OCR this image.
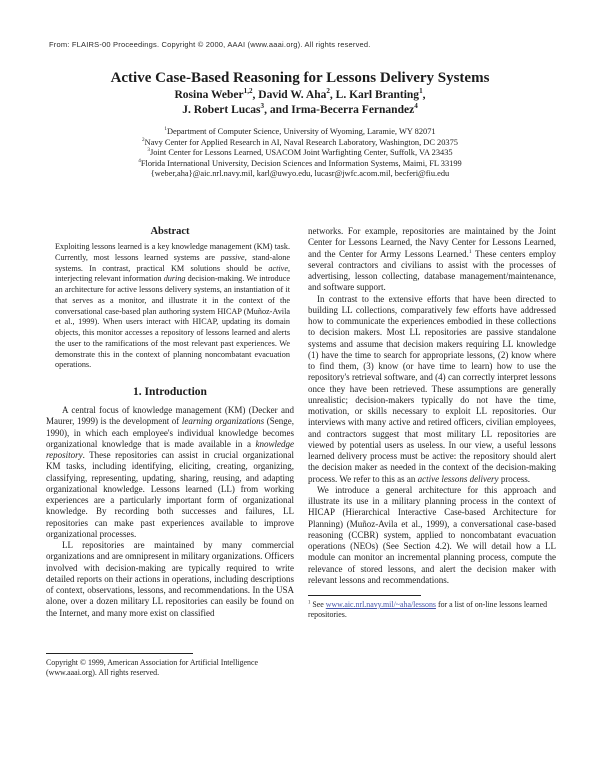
From: FLAIRS-00 Proceedings. Copyright © 2000, AAAI (www.aaai.org). All rights reserved.
Active Case-Based Reasoning for Lessons Delivery Systems
Rosina Weber$^{1,2}$, David W. Aha$^2$, L. Karl Branting$^1$,
J. Robert Lucas$^3$, and Irma-Becerra Fernandez$^4$
$^1$Department of Computer Science, University of Wyoming, Laramie, WY 82071
$^2$Navy Center for Applied Research in AI, Naval Research Laboratory, Washington, DC 20375
$^3$Joint Center for Lessons Learned, USACOM Joint Warfighting Center, Suffolk, VA 23435
$^4$Florida International University, Decision Sciences and Information Systems, Maimi, FL 33199
{weber,aha}@aic.nrl.navy.mil, karl@uwyo.edu, lucasr@jwfc.acom.mil, becferi@fiu.edu
Abstract
Exploiting lessons learned is a key knowledge management (KM) task. Currently, most lessons learned systems are passive, stand-alone systems. In contrast, practical KM solutions should be active, interjecting relevant information during decision-making. We introduce an architecture for active lessons delivery systems, an instantiation of it that serves as a monitor, and illustrate it in the context of the conversational case-based plan authoring system HICAP (Muñoz-Avila et al., 1999). When users interact with HICAP, updating its domain objects, this monitor accesses a repository of lessons learned and alerts the user to the ramifications of the most relevant past experiences. We demonstrate this in the context of planning noncombatant evacuation operations.
1. Introduction

A central focus of knowledge management (KM) (Decker and Maurer, 1999) is the development of learning organizations (Senge, 1990), in which each employee's individual knowledge becomes organizational knowledge that is made available in a knowledge repository. These repositories can assist in crucial organizational KM tasks, including identifying, eliciting, creating, organizing, classifying, representing, updating, sharing, reusing, and adapting organizational knowledge. Lessons learned (LL) from working experiences are a particularly important form of organizational knowledge. By recording both successes and failures, LL repositories can make past experiences available to improve organizational processes.

LL repositories are maintained by many commercial organizations and are omnipresent in military organizations. Officers involved with decision-making are typically required to write detailed reports on their actions in operations, including descriptions of context, observations, lessons, and recommendations. In the USA alone, over a dozen military LL repositories can easily be found on the Internet, and many more exist on classified

Copyright © 1999, American Association for Artificial Intelligence (www.aaai.org). All rights reserved.

networks. For example, repositories are maintained by the Joint Center for Lessons Learned, the Navy Center for Lessons Learned, and the Center for Army Lessons Learned.$^1$ These centers employ several contractors and civilians to assist with the processes of advertising, lesson collecting, database management/maintenance, and software support.

In contrast to the extensive efforts that have been directed to building LL collections, comparatively few efforts have addressed how to communicate the experiences embodied in these collections to decision makers. Most LL repositories are passive standalone systems and assume that decision makers requiring LL knowledge (1) have the time to search for appropriate lessons, (2) know where to find them, (3) know (or have time to learn) how to use the repository's retrieval software, and (4) can correctly interpret lessons once they have been retrieved. These assumptions are generally unrealistic; decision-makers typically do not have the time, motivation, or skills necessary to exploit LL repositories. Our interviews with many active and retired officers, civilian employees, and contractors suggest that most military LL repositories are viewed by potential users as useless. In our view, a useful lessons learned delivery process must be active: the repository should alert the decision maker as needed in the context of the decision-making process. We refer to this as an active lessons delivery process.

We introduce a general architecture for this approach and illustrate its use in a military planning process in the context of HICAP (Hierarchical Interactive Case-based Architecture for Planning) (Muñoz-Avila et al., 1999), a conversational case-based reasoning (CCBR) system, applied to noncombatant evacuation operations (NEOs) (See Section 4.2). We will detail how a LL module can monitor an incremental planning process, compute the relevance of stored lessons, and alert the decision maker with relevant lessons and recommendations.

$^1$ See www.aic.nrl.navy.mil/~aha/lessons for a list of on-line lessons learned repositories.
